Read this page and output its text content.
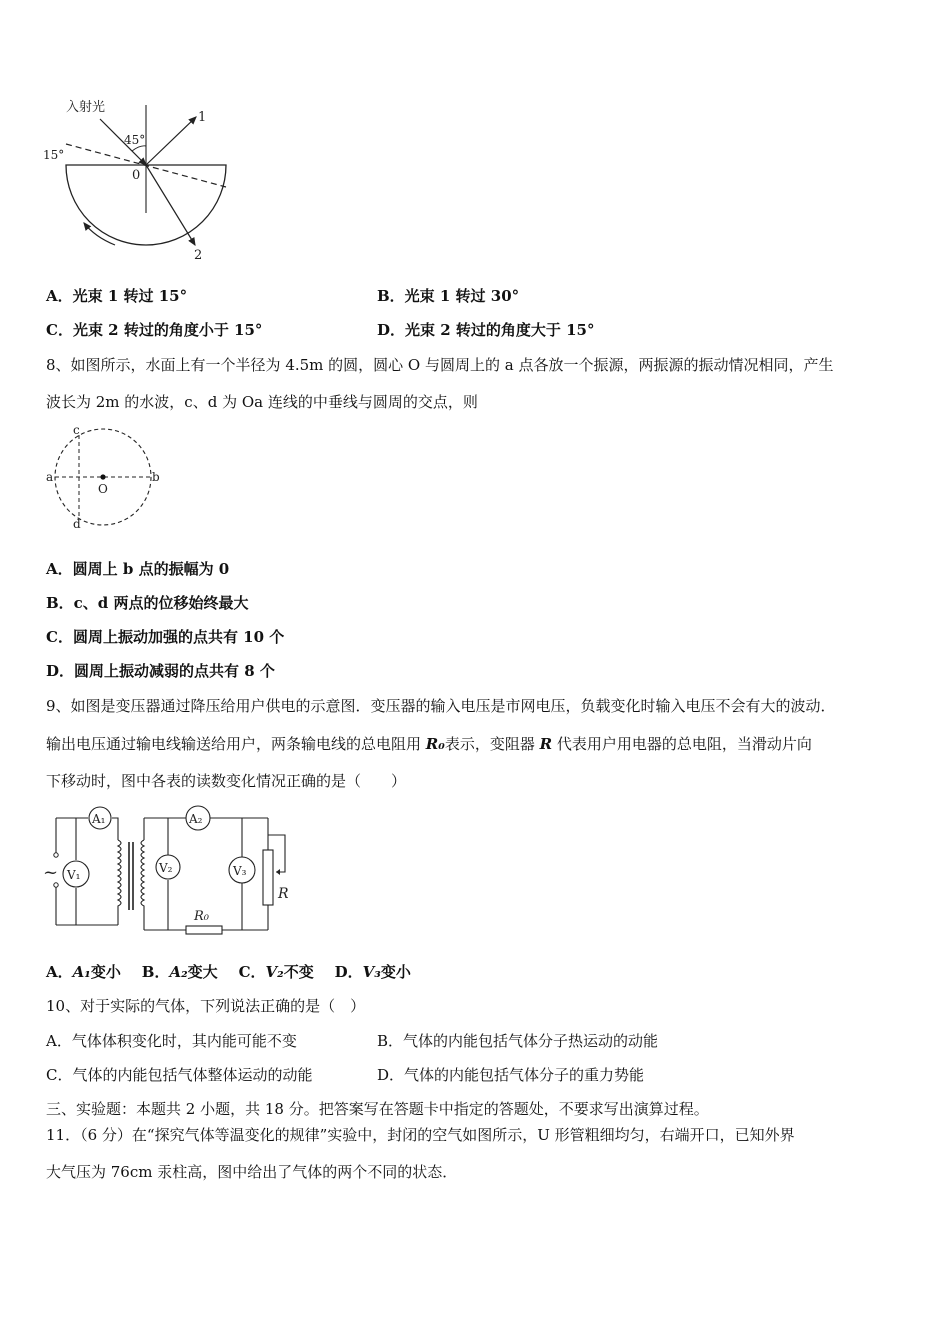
入射光
45°
15°
0
1
2
A．光束 1 转过 15°	B．光束 1 转过 30°
C．光束 2 转过的角度小于 15°	D．光束 2 转过的角度大于 15°
8、如图所示，水面上有一个半径为 4.5m 的圆，圆心 O 与圆周上的 a 点各放一个振源，两振源的振动情况相同，产生
波长为 2m 的水波，c、d 为 Oa 连线的中垂线与圆周的交点，则
c
a	b
O
d
A．圆周上 b 点的振幅为 0
B．c、d 两点的位移始终最大
C．圆周上振动加强的点共有 10 个
D．圆周上振动减弱的点共有 8 个
9、如图是变压器通过降压给用户供电的示意图．变压器的输入电压是市网电压，负载变化时输入电压不会有大的波动．
输出电压通过输电线输送给用户，两条输电线的总电阻用 R₀表示，变阻器 R 代表用户用电器的总电阻，当滑动片向
下移动时，图中各表的读数变化情况正确的是（　　）
~
A₁
V₁	V₂
A₂
V₃
R
R₀
A．A₁变小 B．A₂变大 C．V₂不变 D．V₃变小
10、对于实际的气体，下列说法正确的是（　）
A．气体体积变化时，其内能可能不变	B．气体的内能包括气体分子热运动的动能
C．气体的内能包括气体整体运动的动能	D．气体的内能包括气体分子的重力势能
三、实验题：本题共 2 小题，共 18 分。把答案写在答题卡中指定的答题处，不要求写出演算过程。
11．（6 分）在“探究气体等温变化的规律”实验中，封闭的空气如图所示，U 形管粗细均匀，右端开口，已知外界
大气压为 76cm 汞柱高，图中给出了气体的两个不同的状态．
